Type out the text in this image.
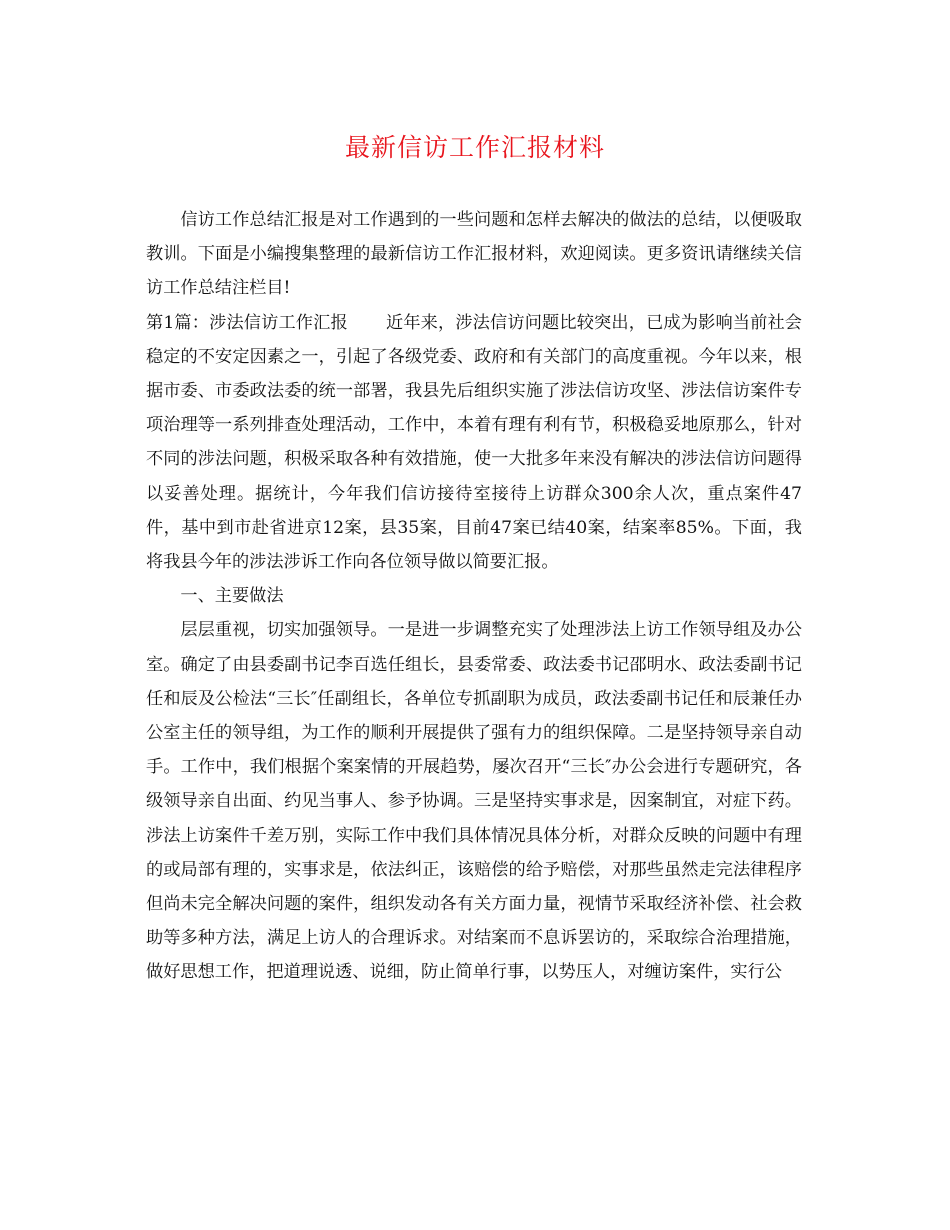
最新信访工作汇报材料

信访工作总结汇报是对工作遇到的一些问题和怎样去解决的做法的总结，以便吸取教训。下面是小编搜集整理的最新信访工作汇报材料，欢迎阅读。更多资讯请继续关信访工作总结注栏目!

第1篇：涉法信访工作汇报 近年来，涉法信访问题比较突出，已成为影响当前社会稳定的不安定因素之一，引起了各级党委、政府和有关部门的高度重视。今年以来，根据市委、市委政法委的统一部署，我县先后组织实施了涉法信访攻坚、涉法信访案件专项治理等一系列排查处理活动，工作中，本着有理有利有节，积极稳妥地原那么，针对不同的涉法问题，积极采取各种有效措施，使一大批多年来没有解决的涉法信访问题得以妥善处理。据统计，今年我们信访接待室接待上访群众300余人次，重点案件47件，基中到市赴省进京12案，县35案，目前47案已结40案，结案率85%。下面，我将我县今年的涉法涉诉工作向各位领导做以简要汇报。

一、主要做法

层层重视，切实加强领导。一是进一步调整充实了处理涉法上访工作领导组及办公室。确定了由县委副书记李百选任组长，县委常委、政法委书记邵明水、政法委副书记任和辰及公检法“三长″任副组长，各单位专抓副职为成员，政法委副书记任和辰兼任办公室主任的领导组，为工作的顺利开展提供了强有力的组织保障。二是坚持领导亲自动手。工作中，我们根据个案案情的开展趋势，屡次召开“三长″办公会进行专题研究，各级领导亲自出面、约见当事人、参予协调。三是坚持实事求是，因案制宜，对症下药。涉法上访案件千差万别，实际工作中我们具体情况具体分析，对群众反映的问题中有理的或局部有理的，实事求是，依法纠正，该赔偿的给予赔偿，对那些虽然走完法律程序但尚未完全解决问题的案件，组织发动各有关方面力量，视情节采取经济补偿、社会救助等多种方法，满足上访人的合理诉求。对结案而不息诉罢访的，采取综合治理措施，做好思想工作，把道理说透、说细，防止简单行事，以势压人，对缠访案件，实行公
